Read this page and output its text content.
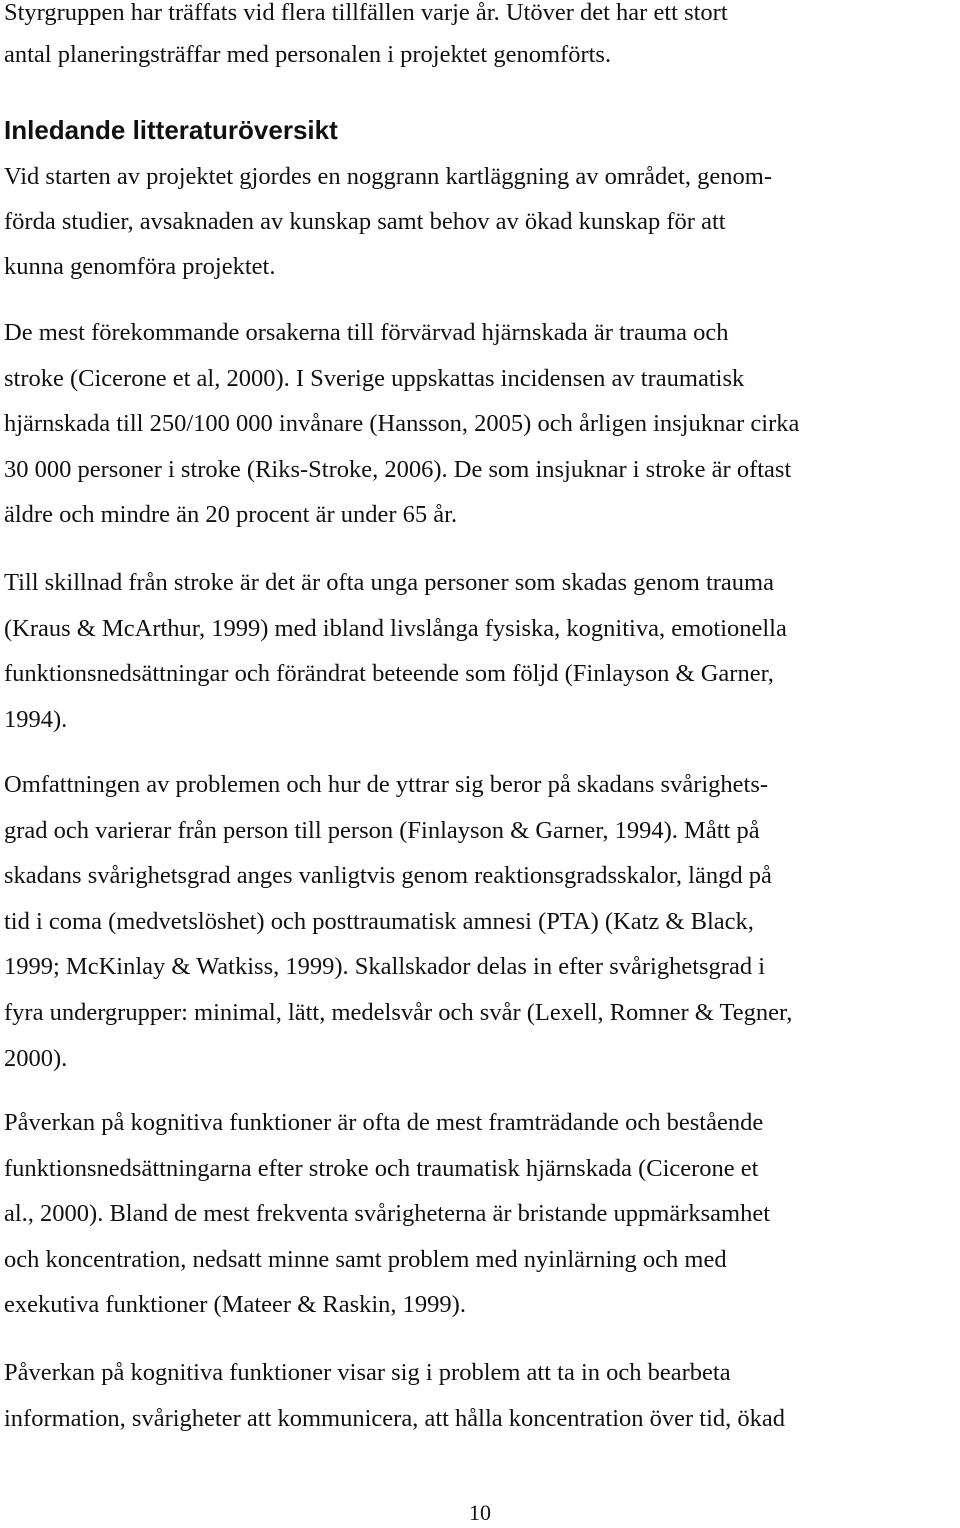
Styrgruppen har träffats vid flera tillfällen varje år. Utöver det har ett stort
antal planeringsträffar med personalen i projektet genomförts.
Inledande litteraturöversikt
Vid starten av projektet gjordes en noggrann kartläggning av området, genom-
förda studier, avsaknaden av kunskap samt behov av ökad kunskap för att
kunna genomföra projektet.
De mest förekommande orsakerna till förvärvad hjärnskada är trauma och
stroke (Cicerone et al, 2000). I Sverige uppskattas incidensen av traumatisk
hjärnskada till 250/100 000 invånare (Hansson, 2005) och årligen insjuknar cirka
30 000 personer i stroke (Riks-Stroke, 2006). De som insjuknar i stroke är oftast
äldre och mindre än 20 procent är under 65 år.
Till skillnad från stroke är det är ofta unga personer som skadas genom trauma
(Kraus & McArthur, 1999) med ibland livslånga fysiska, kognitiva, emotionella
funktionsnedsättningar och förändrat beteende som följd (Finlayson & Garner,
1994).
Omfattningen av problemen och hur de yttrar sig beror på skadans svårighets-
grad och varierar från person till person (Finlayson & Garner, 1994). Mått på
skadans svårighetsgrad anges vanligtvis genom reaktionsgradsskalor, längd på
tid i coma (medvetslöshet) och posttraumatisk amnesi (PTA) (Katz & Black,
1999; McKinlay & Watkiss, 1999). Skallskador delas in efter svårighetsgrad i
fyra undergrupper: minimal, lätt, medelsvår och svår (Lexell, Romner & Tegner,
2000).
Påverkan på kognitiva funktioner är ofta de mest framträdande och bestående
funktionsnedsättningarna efter stroke och traumatisk hjärnskada (Cicerone et
al., 2000). Bland de mest frekventa svårigheterna är bristande uppmärksamhet
och koncentration, nedsatt minne samt problem med nyinlärning och med
exekutiva funktioner (Mateer & Raskin, 1999).
Påverkan på kognitiva funktioner visar sig i problem att ta in och bearbeta
information, svårigheter att kommunicera, att hålla koncentration över tid, ökad
10
